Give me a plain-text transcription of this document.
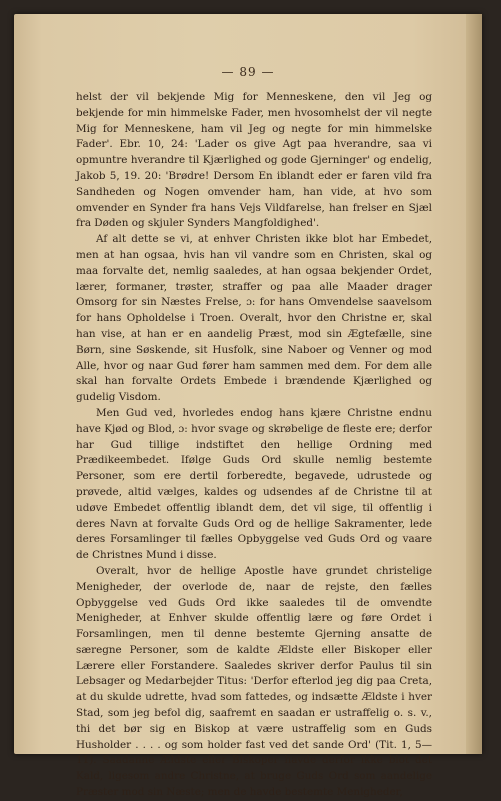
— 89 —

helst der vil bekjende Mig for Menneskene, den vil Jeg og bekjende for min himmelske Fader, men hvosomhelst der vil negte Mig for Menneskene, ham vil Jeg og negte for min himmelske Fader'. Ebr. 10, 24: 'Lader os give Agt paa hverandre, saa vi opmuntre hverandre til Kjærlighed og gode Gjerninger' og endelig, Jakob 5, 19. 20: 'Brødre! Dersom En iblandt eder er faren vild fra Sandheden og Nogen omvender ham, han vide, at hvo som omvender en Synder fra hans Vejs Vildfarelse, han frelser en Sjæl fra Døden og skjuler Synders Mangfoldighed'.

Af alt dette se vi, at enhver Christen ikke blot har Embedet, men at han ogsaa, hvis han vil vandre som en Christen, skal og maa forvalte det, nemlig saaledes, at han ogsaa bekjender Ordet, lærer, formaner, trøster, straffer og paa alle Maader drager Omsorg for sin Næstes Frelse, ɔ: for hans Omvendelse saavelsom for hans Opholdelse i Troen. Overalt, hvor den Christne er, skal han vise, at han er en aandelig Præst, mod sin Ægtefælle, sine Børn, sine Søskende, sit Husfolk, sine Naboer og Venner og mod Alle, hvor og naar Gud fører ham sammen med dem. For dem alle skal han forvalte Ordets Embede i brændende Kjærlighed og gudelig Visdom.

Men Gud ved, hvorledes endog hans kjære Christne endnu have Kjød og Blod, ɔ: hvor svage og skrøbelige de fleste ere; derfor har Gud tillige indstiftet den hellige Ordning med Prædikeembedet. Ifølge Guds Ord skulle nemlig bestemte Personer, som ere dertil forberedte, begavede, udrustede og prøvede, altid vælges, kaldes og udsendes af de Christne til at udøve Embedet offentlig iblandt dem, det vil sige, til offentlig i deres Navn at forvalte Guds Ord og de hellige Sakramenter, lede deres Forsamlinger til fælles Opbyggelse ved Guds Ord og vaare de Christnes Mund i disse.

Overalt, hvor de hellige Apostle have grundet christelige Menigheder, der overlode de, naar de rejste, den fælles Opbyggelse ved Guds Ord ikke saaledes til de omvendte Menigheder, at Enhver skulde offentlig lære og føre Ordet i Forsamlingen, men til denne bestemte Gjerning ansatte de særegne Personer, som de kaldte Ældste eller Biskoper eller Lærere eller Forstandere. Saaledes skriver derfor Paulus til sin Lebsager og Medarbejder Titus: 'Derfor efterlod jeg dig paa Creta, at du skulde udrette, hvad som fattedes, og indsætte Ældste i hver Stad, som jeg befol dig, saafremt en saadan er ustraffelig o. s. v., thi det bør sig en Biskop at være ustraffelig som en Guds Husholder . . . . og som holder fast ved det sande Ord' (Tit. 1, 5—11). Saadanne Ældste eller Biskoper havde derfor ikke blot det Kald, ligesom andre Christne, at bruge Guds Ord som aandelige Præster mod sin Næste; men de havde bestemte Menigheder,
